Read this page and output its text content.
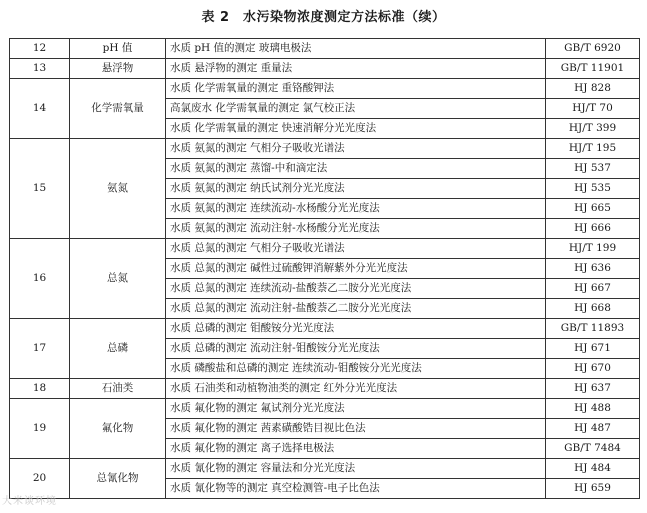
表 2　水污染物浓度测定方法标准（续）
12	pH 值	水质 pH 值的测定 玻璃电极法	GB/T 6920
13	悬浮物	水质 悬浮物的测定 重量法	GB/T 11901
14	化学需氧量	水质 化学需氧量的测定 重铬酸钾法	HJ 828
		高氯废水 化学需氧量的测定 氯气校正法	HJ/T 70
		水质 化学需氧量的测定 快速消解分光光度法	HJ/T 399
15	氨氮	水质 氨氮的测定 气相分子吸收光谱法	HJ/T 195
		水质 氨氮的测定 蒸馏-中和滴定法	HJ 537
		水质 氨氮的测定 纳氏试剂分光光度法	HJ 535
		水质 氨氮的测定 连续流动-水杨酸分光光度法	HJ 665
		水质 氨氮的测定 流动注射-水杨酸分光光度法	HJ 666
16	总氮	水质 总氮的测定 气相分子吸收光谱法	HJ/T 199
		水质 总氮的测定 碱性过硫酸钾消解紫外分光光度法	HJ 636
		水质 总氮的测定 连续流动-盐酸萘乙二胺分光光度法	HJ 667
		水质 总氮的测定 流动注射-盐酸萘乙二胺分光光度法	HJ 668
17	总磷	水质 总磷的测定 钼酸铵分光光度法	GB/T 11893
		水质 总磷的测定 流动注射-钼酸铵分光光度法	HJ 671
		水质 磷酸盐和总磷的测定 连续流动-钼酸铵分光光度法	HJ 670
18	石油类	水质 石油类和动植物油类的测定 红外分光光度法	HJ 637
19	氟化物	水质 氟化物的测定 氟试剂分光光度法	HJ 488
		水质 氟化物的测定 茜素磺酸锆目视比色法	HJ 487
		水质 氟化物的测定 离子选择电极法	GB/T 7484
20	总氰化物	水质 氰化物的测定 容量法和分光光度法	HJ 484
		水质 氰化物等的测定 真空检测管-电子比色法	HJ 659
大米谈环境
